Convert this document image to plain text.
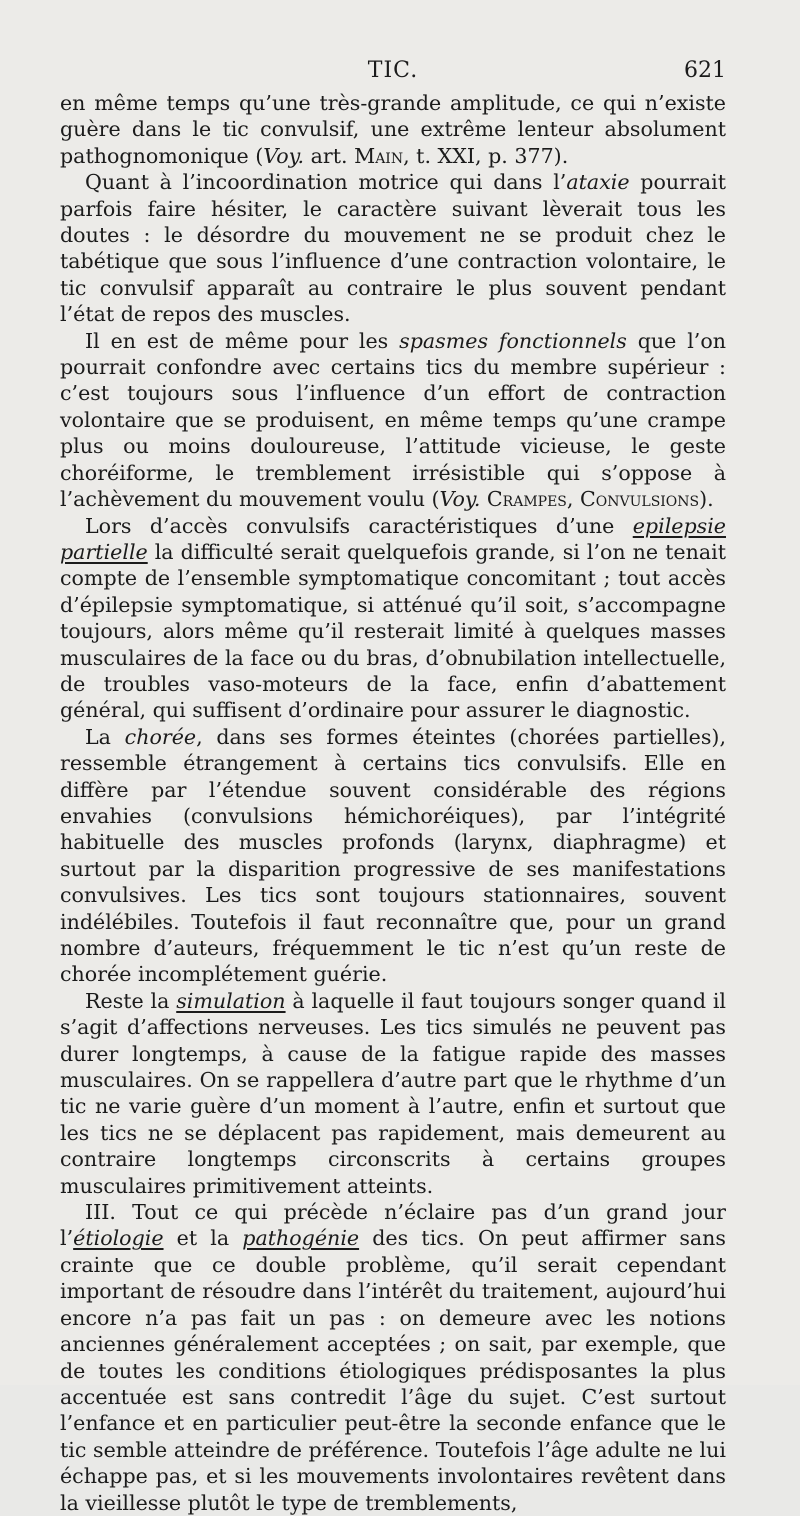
TIC.	621

en même temps qu’une très-grande amplitude, ce qui n’existe guère dans le tic convulsif, une extrême lenteur absolument pathognomonique (Voy. art. Main, t. XXI, p. 377).

Quant à l’incoordination motrice qui dans l’ataxie pourrait parfois faire hésiter, le caractère suivant lèverait tous les doutes : le désordre du mouvement ne se produit chez le tabétique que sous l’influence d’une contraction volontaire, le tic convulsif apparaît au contraire le plus souvent pendant l’état de repos des muscles.

Il en est de même pour les spasmes fonctionnels que l’on pourrait confondre avec certains tics du membre supérieur : c’est toujours sous l’influence d’un effort de contraction volontaire que se produisent, en même temps qu’une crampe plus ou moins douloureuse, l’attitude vicieuse, le geste choréiforme, le tremblement irrésistible qui s’oppose à l’achèvement du mouvement voulu (Voy. Crampes, Convulsions).

Lors d’accès convulsifs caractéristiques d’une epilepsie partielle la difficulté serait quelquefois grande, si l’on ne tenait compte de l’ensemble symptomatique concomitant ; tout accès d’épilepsie symptomatique, si atténué qu’il soit, s’accompagne toujours, alors même qu’il resterait limité à quelques masses musculaires de la face ou du bras, d’obnubilation intellectuelle, de troubles vaso-moteurs de la face, enfin d’abattement général, qui suffisent d’ordinaire pour assurer le diagnostic.

La chorée, dans ses formes éteintes (chorées partielles), ressemble étrangement à certains tics convulsifs. Elle en diffère par l’étendue souvent considérable des régions envahies (convulsions hémichoréiques), par l’intégrité habituelle des muscles profonds (larynx, diaphragme) et surtout par la disparition progressive de ses manifestations convulsives. Les tics sont toujours stationnaires, souvent indélébiles. Toutefois il faut reconnaître que, pour un grand nombre d’auteurs, fréquemment le tic n’est qu’un reste de chorée incomplétement guérie.

Reste la simulation à laquelle il faut toujours songer quand il s’agit d’affections nerveuses. Les tics simulés ne peuvent pas durer longtemps, à cause de la fatigue rapide des masses musculaires. On se rappellera d’autre part que le rhythme d’un tic ne varie guère d’un moment à l’autre, enfin et surtout que les tics ne se déplacent pas rapidement, mais demeurent au contraire longtemps circonscrits à certains groupes musculaires primitivement atteints.

III. Tout ce qui précède n’éclaire pas d’un grand jour l’étiologie et la pathogénie des tics. On peut affirmer sans crainte que ce double problème, qu’il serait cependant important de résoudre dans l’intérêt du traitement, aujourd’hui encore n’a pas fait un pas : on demeure avec les notions anciennes généralement acceptées ; on sait, par exemple, que de toutes les conditions étiologiques prédisposantes la plus accentuée est sans contredit l’âge du sujet. C’est surtout l’enfance et en particulier peut-être la seconde enfance que le tic semble atteindre de préférence. Toutefois l’âge adulte ne lui échappe pas, et si les mouvements involontaires revêtent dans la vieillesse plutôt le type de tremblements,
